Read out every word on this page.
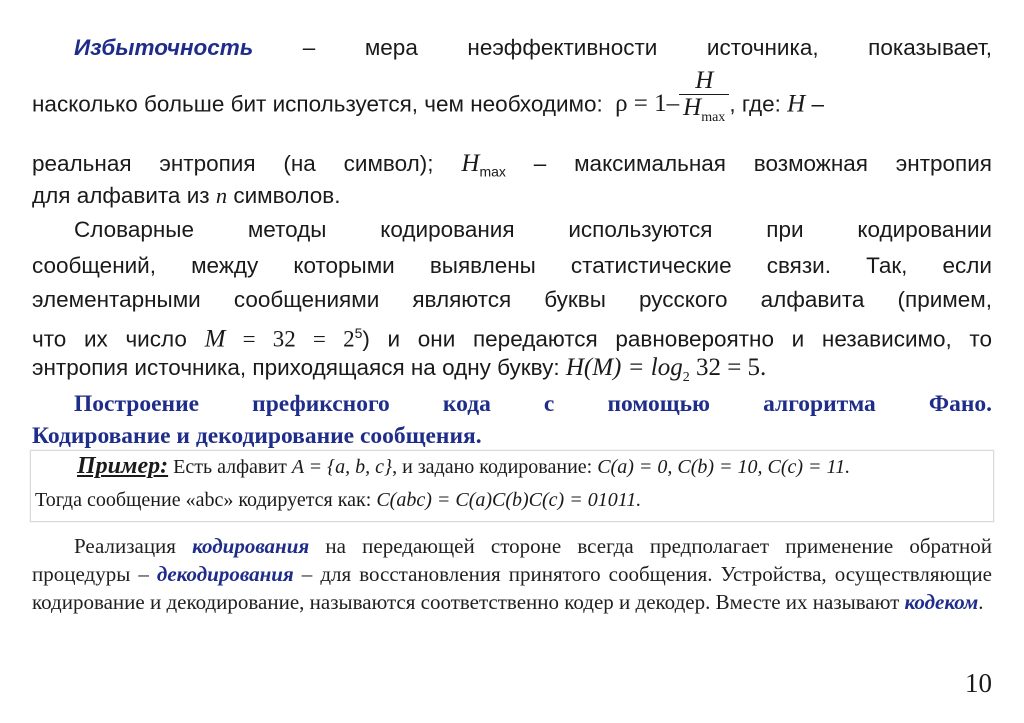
Избыточность – мера неэффективности источника, показывает,
насколько больше бит используется, чем необходимо: $\rho = 1- \frac{H}{H_{max}}$ , где: H –
реальная энтропия (на символ); $H_{max}$ – максимальная возможная энтропия
для алфавита из n символов.
Словарные методы кодирования используются при кодировании
сообщений, между которыми выявлены статистические связи. Так, если
элементарными сообщениями являются буквы русского алфавита (примем,
что их число $M = 32 = 2^5$) и они передаются равновероятно и независимо, то
энтропия источника, приходящаяся на одну букву: $H(M) = \log_2 32 = 5$.
Построение префиксного кода с помощью алгоритма Фано.
Кодирование и декодирование сообщения.
Пример: Есть алфавит A = {a, b, c}, и задано кодирование: C(a) = 0, C(b) = 10, C(c) = 11.
Тогда сообщение «abc» кодируется как: C(abc) = C(a)C(b)C(c) = 01011.
Реализация кодирования на передающей стороне всегда предполагает применение обратной процедуры – декодирования – для восстановления принятого сообщения. Устройства, осуществляющие кодирование и декодирование, называются соответственно кодер и декодер. Вместе их называют кодеком.
10
